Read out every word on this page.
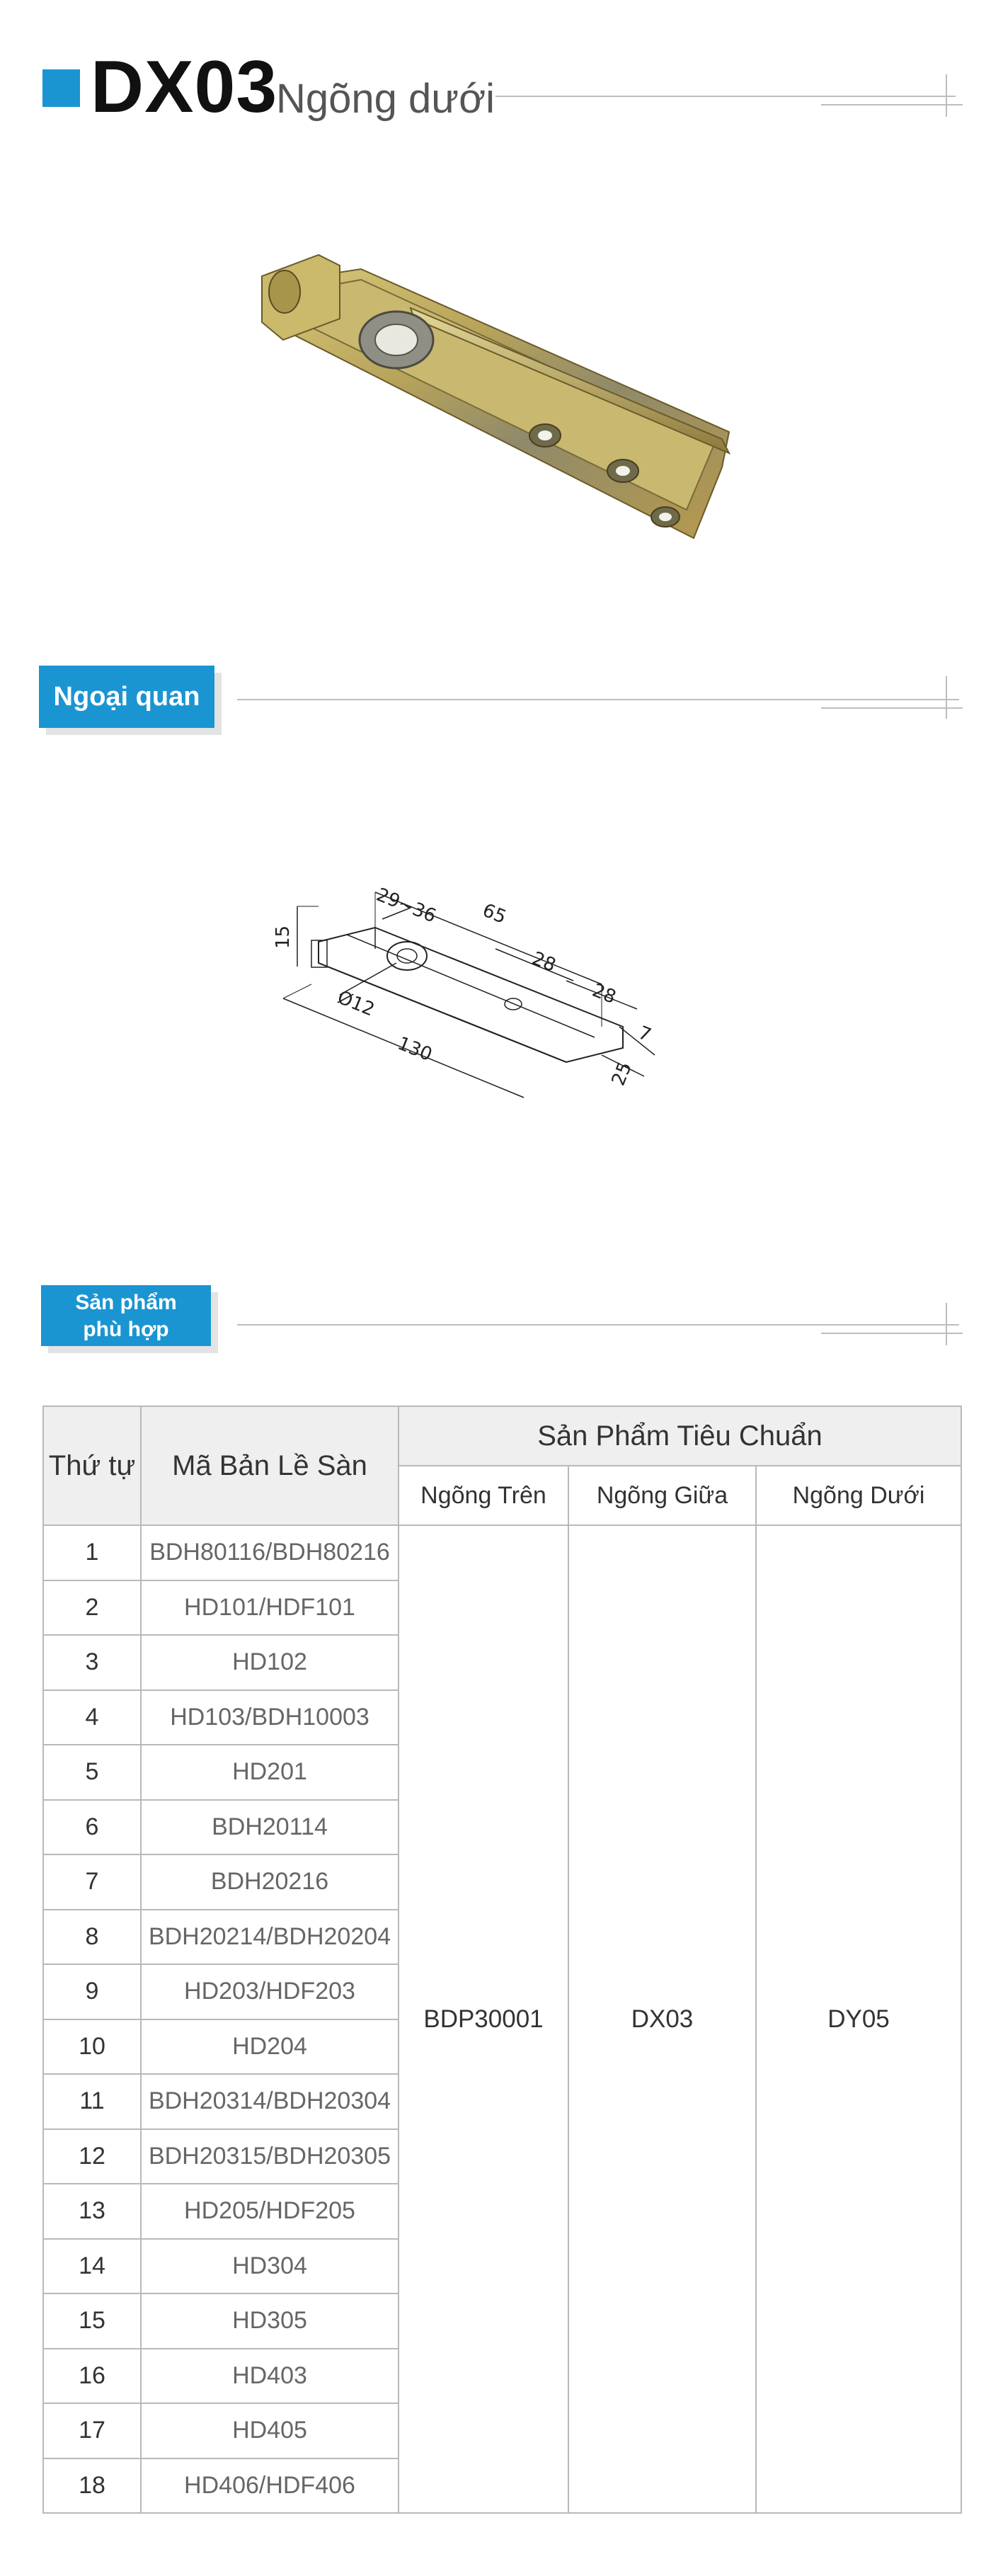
DX03
Ngõng dưới
Ngoại quan
65
29~36
15
28
28
Ø12
7
130
25
Sản phẩm
phù hợp
Thứ tự	Mã Bản Lề Sàn	Sản Phẩm Tiêu Chuẩn		
		Ngõng Trên	Ngõng Giữa	Ngõng Dưới
1	BDH80116/BDH80216	BDP30001	DX03	DY05
2	HD101/HDF101			
3	HD102			
4	HD103/BDH10003			
5	HD201			
6	BDH20114			
7	BDH20216			
8	BDH20214/BDH20204			
9	HD203/HDF203			
10	HD204			
11	BDH20314/BDH20304			
12	BDH20315/BDH20305			
13	HD205/HDF205			
14	HD304			
15	HD305			
16	HD403			
17	HD405			
18	HD406/HDF406			
